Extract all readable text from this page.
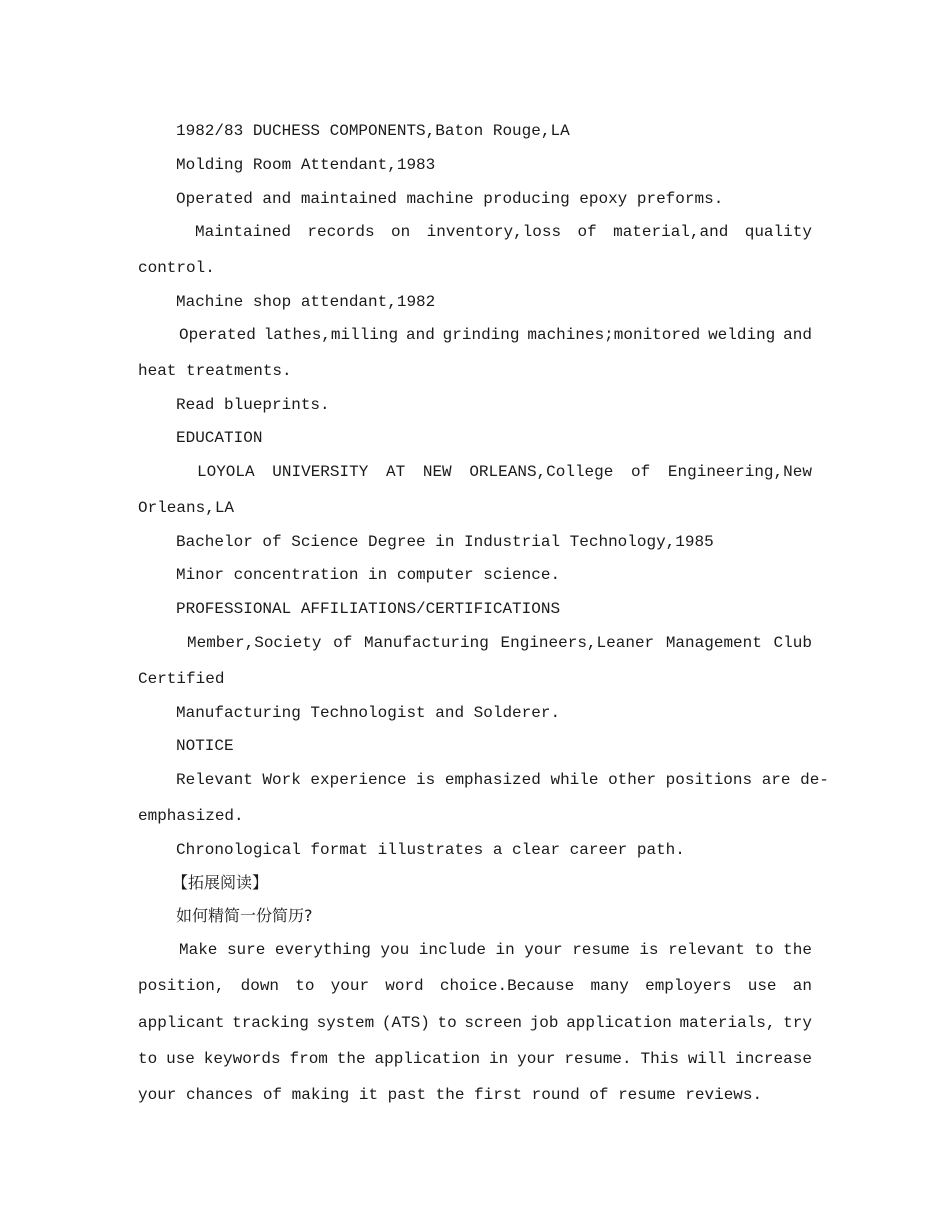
1982/83 DUCHESS COMPONENTS,Baton Rouge,LA
Molding Room Attendant,1983
Operated and maintained machine producing epoxy preforms.
Maintained records on inventory,loss of material,and quality
control.
Machine shop attendant,1982
Operated lathes,milling and grinding machines;monitored welding and
heat treatments.
Read blueprints.
EDUCATION
LOYOLA UNIVERSITY AT NEW ORLEANS,College of Engineering,New
Orleans,LA
Bachelor of Science Degree in Industrial Technology,1985
Minor concentration in computer science.
PROFESSIONAL AFFILIATIONS/CERTIFICATIONS
Member,Society of Manufacturing Engineers,Leaner Management Club
Certified
Manufacturing Technologist and Solderer.
NOTICE
Relevant Work experience is emphasized while other positions are de-
emphasized.
Chronological format illustrates a clear career path.
【拓展阅读】
如何精简一份简历?
Make sure everything you include in your resume is relevant to the
position, down to your word choice.Because many employers use an
applicant tracking system (ATS) to screen job application materials, try
to use keywords from the application in your resume. This will increase
your chances of making it past the first round of resume reviews.
